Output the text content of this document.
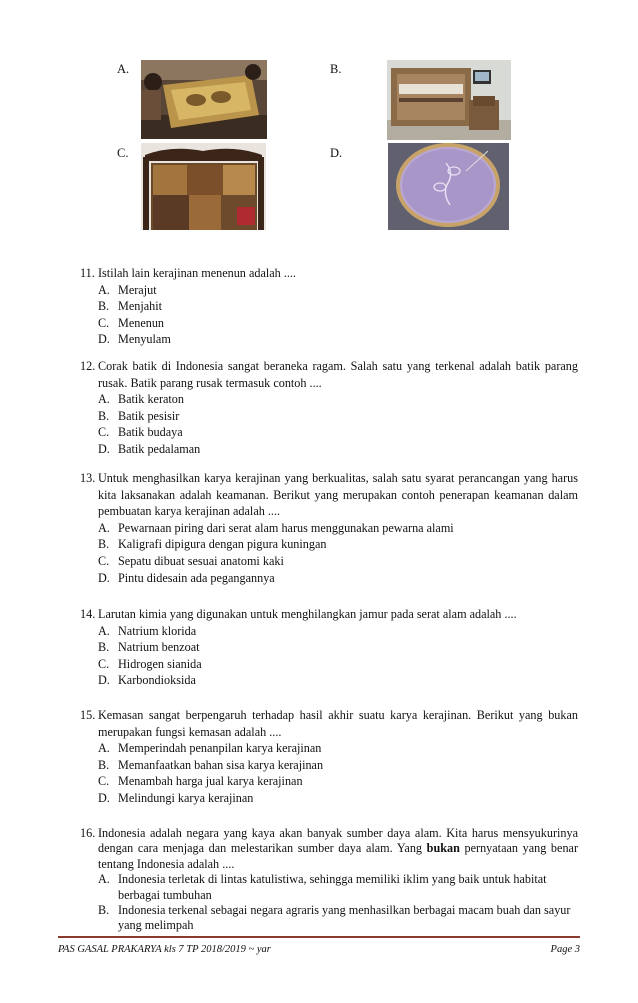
A.	B.
C.	D.
11. Istilah lain kerajinan menenun adalah ....
A. Merajut
B. Menjahit
C. Menenun
D. Menyulam
12. Corak batik di Indonesia sangat beraneka ragam. Salah satu yang terkenal adalah batik parang rusak. Batik parang rusak termasuk contoh ....
A. Batik keraton
B. Batik pesisir
C. Batik budaya
D. Batik pedalaman
13. Untuk menghasilkan karya kerajinan yang berkualitas, salah satu syarat perancangan yang harus kita laksanakan adalah keamanan. Berikut yang merupakan contoh penerapan keamanan dalam pembuatan karya kerajinan adalah ....
A. Pewarnaan piring dari serat alam harus menggunakan pewarna alami
B. Kaligrafi dipigura dengan pigura kuningan
C. Sepatu dibuat sesuai anatomi kaki
D. Pintu didesain ada pegangannya
14. Larutan kimia yang digunakan untuk menghilangkan jamur pada serat alam adalah ....
A. Natrium klorida
B. Natrium benzoat
C. Hidrogen sianida
D. Karbondioksida
15. Kemasan sangat berpengaruh terhadap hasil akhir suatu karya kerajinan. Berikut yang bukan merupakan fungsi kemasan adalah ....
A. Memperindah penanpilan karya kerajinan
B. Memanfaatkan bahan sisa karya kerajinan
C. Menambah harga jual karya kerajinan
D. Melindungi karya kerajinan
16. Indonesia adalah negara yang kaya akan banyak sumber daya alam. Kita harus mensyukurinya dengan cara menjaga dan melestarikan sumber daya alam. Yang bukan pernyataan yang benar tentang Indonesia adalah ....
A. Indonesia terletak di lintas katulistiwa, sehingga memiliki iklim yang baik untuk habitat berbagai tumbuhan
B. Indonesia terkenal sebagai negara agraris yang menhasilkan berbagai macam buah dan sayur yang melimpah
PAS GASAL PRAKARYA kls 7 TP 2018/2019 ~ yar	Page 3
